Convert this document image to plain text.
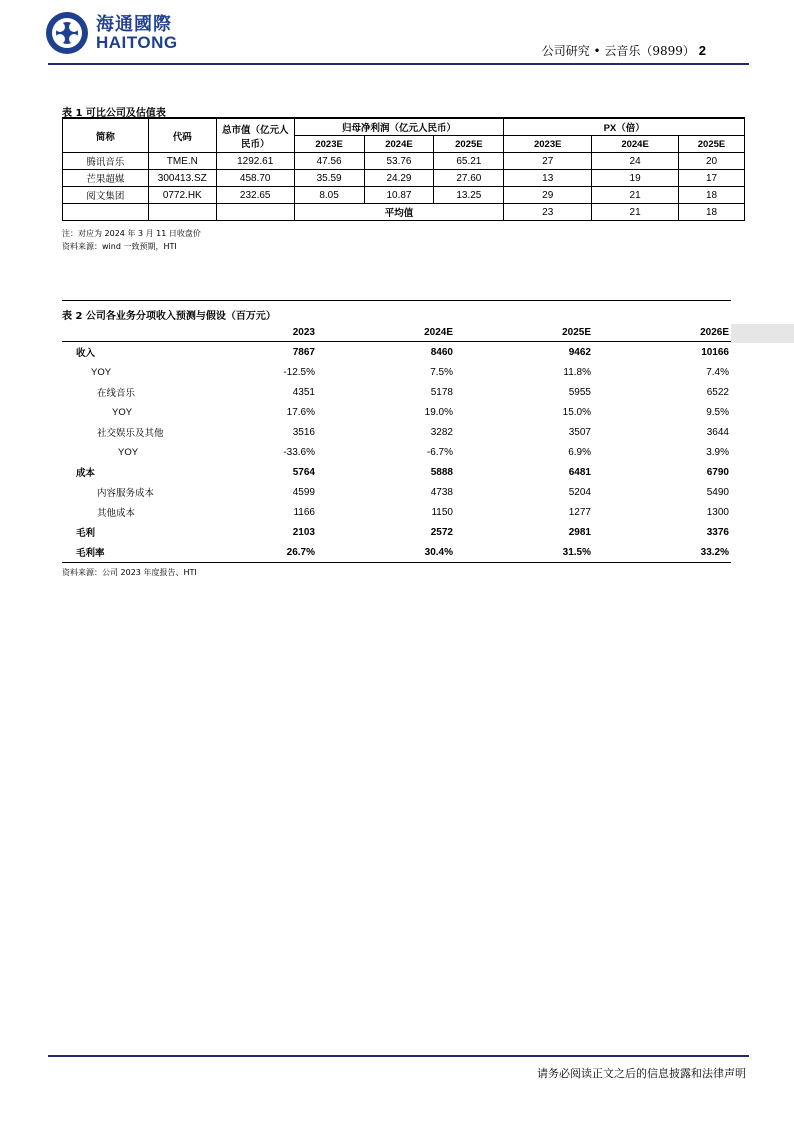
海通國際
HAITONG	公司研究 • 云音乐（9899） 2
表 1 可比公司及估值表
简称	代码	总市值（亿元人民币）	归母净利润（亿元人民币）			PX（倍）		
			2023E	2024E	2025E	2023E	2024E	2025E
腾讯音乐	TME.N	1292.61	47.56	53.76	65.21	27	24	20
芒果超媒	300413.SZ	458.70	35.59	24.29	27.60	13	19	17
阅文集团	0772.HK	232.65	8.05	10.87	13.25	29	21	18
			平均值			23	21	18
注：对应为 2024 年 3 月 11 日收盘价
资料来源：wind 一致预期，HTI
表 2 公司各业务分项收入预测与假设（百万元）
	2023	2024E	2025E	2026E
收入	7867	8460	9462	10166
YOY	-12.5%	7.5%	11.8%	7.4%
在线音乐	4351	5178	5955	6522
YOY	17.6%	19.0%	15.0%	9.5%
社交娱乐及其他	3516	3282	3507	3644
YOY	-33.6%	-6.7%	6.9%	3.9%
成本	5764	5888	6481	6790
内容服务成本	4599	4738	5204	5490
其他成本	1166	1150	1277	1300
毛利	2103	2572	2981	3376
毛利率	26.7%	30.4%	31.5%	33.2%
资料来源：公司 2023 年度报告、HTI
请务必阅读正文之后的信息披露和法律声明
